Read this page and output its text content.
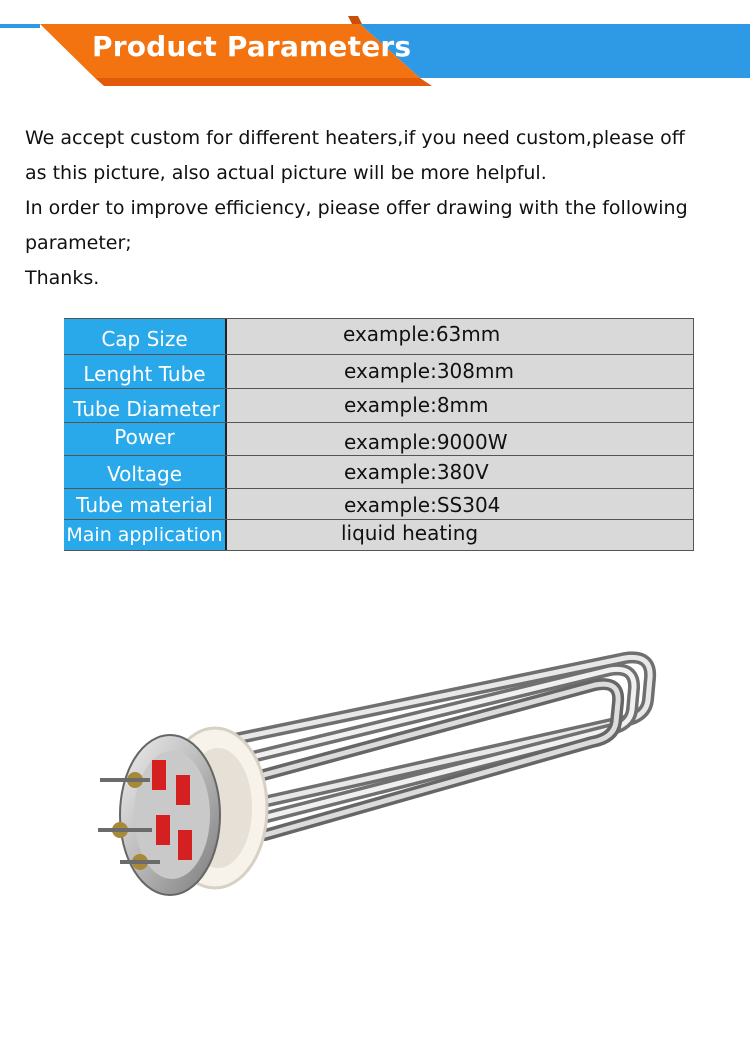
Product Parameters
We accept custom for different heaters,if you need custom,please off
as this picture, also actual picture will be more helpful.
In order to improve efficiency, piease offer drawing with the following
parameter;
Thanks.
Cap Size	example:63mm
Lenght Tube	example:308mm
Tube Diameter	example:8mm
Power	example:9000W
Voltage	example:380V
Tube material	example:SS304
Main application	liquid heating
